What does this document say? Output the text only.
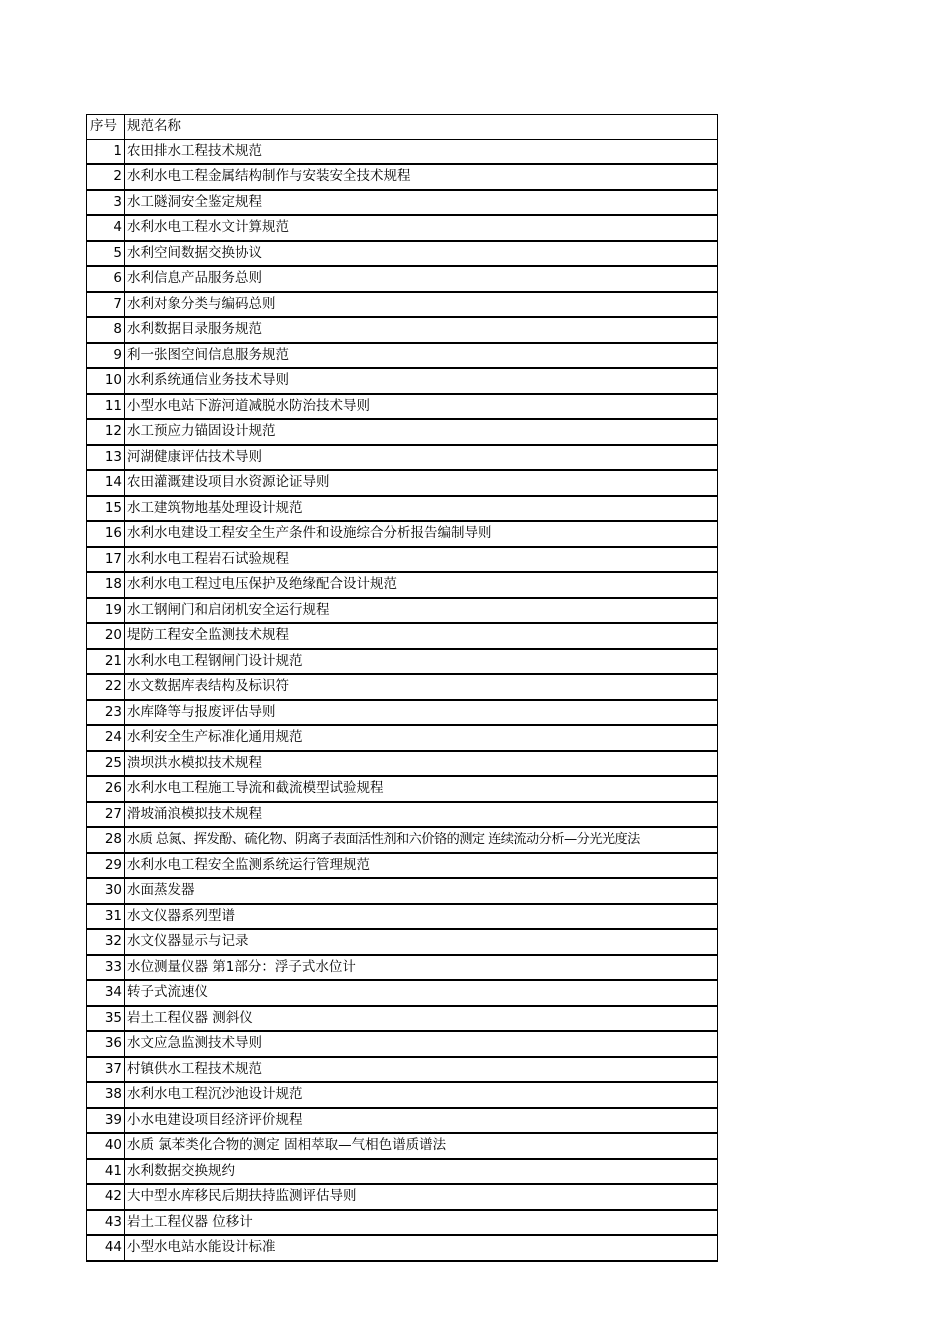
序号	规范名称
1	农田排水工程技术规范
2	水利水电工程金属结构制作与安装安全技术规程
3	水工隧洞安全鉴定规程
4	水利水电工程水文计算规范
5	水利空间数据交换协议
6	水利信息产品服务总则
7	水利对象分类与编码总则
8	水利数据目录服务规范
9	利一张图空间信息服务规范
10	水利系统通信业务技术导则
11	小型水电站下游河道减脱水防治技术导则
12	水工预应力锚固设计规范
13	河湖健康评估技术导则
14	农田灌溉建设项目水资源论证导则
15	水工建筑物地基处理设计规范
16	水利水电建设工程安全生产条件和设施综合分析报告编制导则
17	水利水电工程岩石试验规程
18	水利水电工程过电压保护及绝缘配合设计规范
19	水工钢闸门和启闭机安全运行规程
20	堤防工程安全监测技术规程
21	水利水电工程钢闸门设计规范
22	水文数据库表结构及标识符
23	水库降等与报废评估导则
24	水利安全生产标准化通用规范
25	溃坝洪水模拟技术规程
26	水利水电工程施工导流和截流模型试验规程
27	滑坡涌浪模拟技术规程
28	水质 总氮、挥发酚、硫化物、阴离子表面活性剂和六价铬的测定 连续流动分析—分光光度法
29	水利水电工程安全监测系统运行管理规范
30	水面蒸发器
31	水文仪器系列型谱
32	水文仪器显示与记录
33	水位测量仪器 第1部分：浮子式水位计
34	转子式流速仪
35	岩土工程仪器 测斜仪
36	水文应急监测技术导则
37	村镇供水工程技术规范
38	水利水电工程沉沙池设计规范
39	小水电建设项目经济评价规程
40	水质 氯苯类化合物的测定 固相萃取—气相色谱质谱法
41	水利数据交换规约
42	大中型水库移民后期扶持监测评估导则
43	岩土工程仪器 位移计
44	小型水电站水能设计标准
